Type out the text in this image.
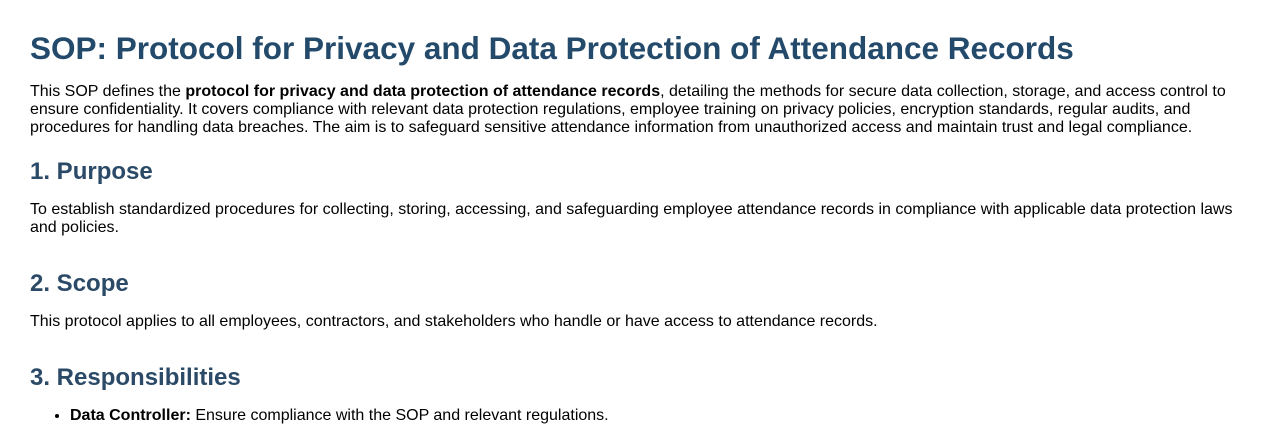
SOP: Protocol for Privacy and Data Protection of Attendance Records

This SOP defines the protocol for privacy and data protection of attendance records, detailing the methods for secure data collection, storage, and access control to ensure confidentiality. It covers compliance with relevant data protection regulations, employee training on privacy policies, encryption standards, regular audits, and procedures for handling data breaches. The aim is to safeguard sensitive attendance information from unauthorized access and maintain trust and legal compliance.

1. Purpose

To establish standardized procedures for collecting, storing, accessing, and safeguarding employee attendance records in compliance with applicable data protection laws and policies.

2. Scope

This protocol applies to all employees, contractors, and stakeholders who handle or have access to attendance records.

3. Responsibilities
• Data Controller: Ensure compliance with the SOP and relevant regulations.
